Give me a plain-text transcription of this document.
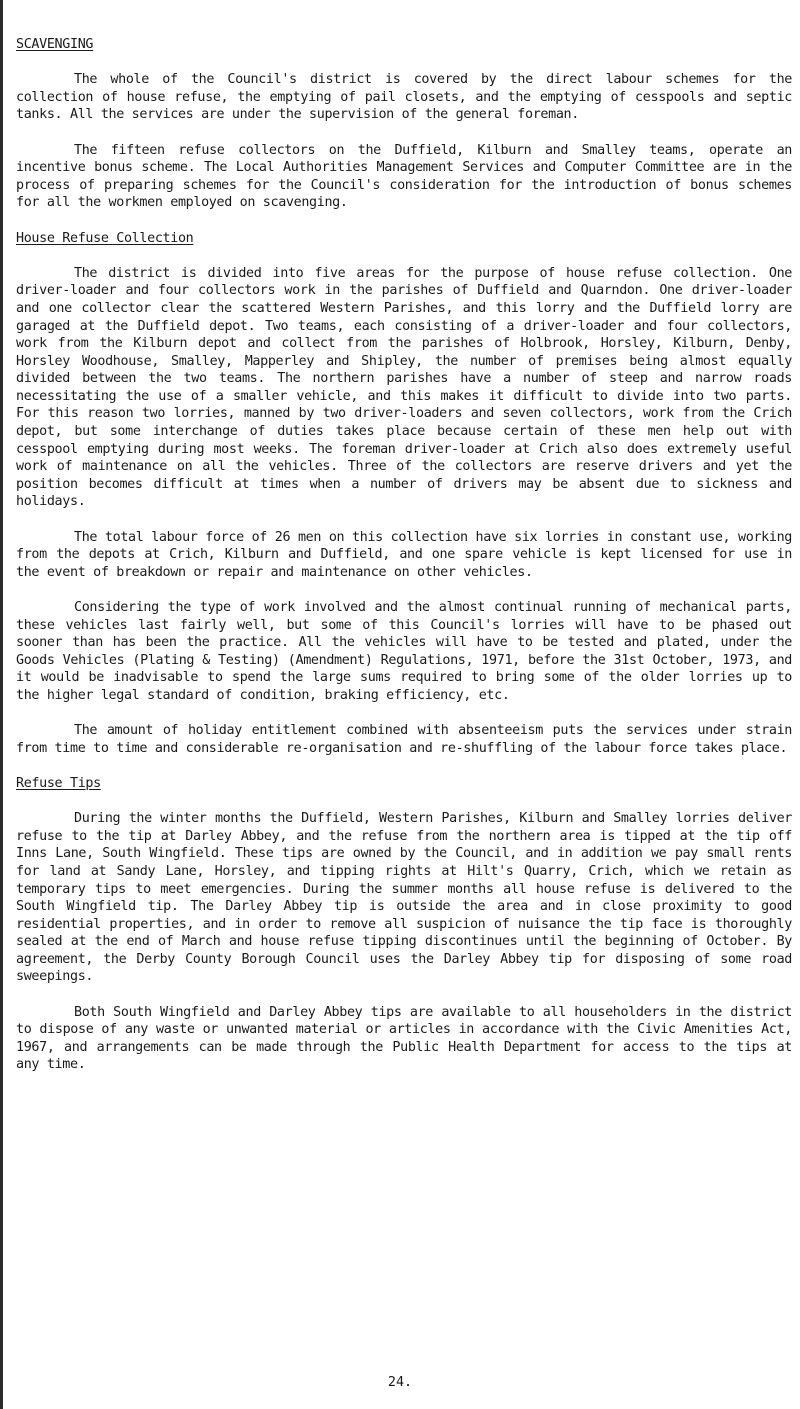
SCAVENGING

The whole of the Council's district is covered by the direct labour schemes for the collection of house refuse, the emptying of pail closets, and the emptying of cesspools and septic tanks. All the services are under the supervision of the general foreman.

The fifteen refuse collectors on the Duffield, Kilburn and Smalley teams, operate an incentive bonus scheme. The Local Authorities Management Services and Computer Committee are in the process of preparing schemes for the Council's consideration for the introduction of bonus schemes for all the workmen employed on scavenging.

House Refuse Collection

The district is divided into five areas for the purpose of house refuse collection. One driver-loader and four collectors work in the parishes of Duffield and Quarndon. One driver-loader and one collector clear the scattered Western Parishes, and this lorry and the Duffield lorry are garaged at the Duffield depot. Two teams, each consisting of a driver-loader and four collectors, work from the Kilburn depot and collect from the parishes of Holbrook, Horsley, Kilburn, Denby, Horsley Woodhouse, Smalley, Mapperley and Shipley, the number of premises being almost equally divided between the two teams. The northern parishes have a number of steep and narrow roads necessitating the use of a smaller vehicle, and this makes it difficult to divide into two parts. For this reason two lorries, manned by two driver-loaders and seven collectors, work from the Crich depot, but some interchange of duties takes place because certain of these men help out with cesspool emptying during most weeks. The foreman driver-loader at Crich also does extremely useful work of maintenance on all the vehicles. Three of the collectors are reserve drivers and yet the position becomes difficult at times when a number of drivers may be absent due to sickness and holidays.

The total labour force of 26 men on this collection have six lorries in constant use, working from the depots at Crich, Kilburn and Duffield, and one spare vehicle is kept licensed for use in the event of breakdown or repair and maintenance on other vehicles.

Considering the type of work involved and the almost continual running of mechanical parts, these vehicles last fairly well, but some of this Council's lorries will have to be phased out sooner than has been the practice. All the vehicles will have to be tested and plated, under the Goods Vehicles (Plating & Testing) (Amendment) Regulations, 1971, before the 31st October, 1973, and it would be inadvisable to spend the large sums required to bring some of the older lorries up to the higher legal standard of condition, braking efficiency, etc.

The amount of holiday entitlement combined with absenteeism puts the services under strain from time to time and considerable re-organisation and re-shuffling of the labour force takes place.

Refuse Tips

During the winter months the Duffield, Western Parishes, Kilburn and Smalley lorries deliver refuse to the tip at Darley Abbey, and the refuse from the northern area is tipped at the tip off Inns Lane, South Wingfield. These tips are owned by the Council, and in addition we pay small rents for land at Sandy Lane, Horsley, and tipping rights at Hilt's Quarry, Crich, which we retain as temporary tips to meet emergencies. During the summer months all house refuse is delivered to the South Wingfield tip. The Darley Abbey tip is outside the area and in close proximity to good residential properties, and in order to remove all suspicion of nuisance the tip face is thoroughly sealed at the end of March and house refuse tipping discontinues until the beginning of October. By agreement, the Derby County Borough Council uses the Darley Abbey tip for disposing of some road sweepings.

Both South Wingfield and Darley Abbey tips are available to all householders in the district to dispose of any waste or unwanted material or articles in accordance with the Civic Amenities Act, 1967, and arrangements can be made through the Public Health Department for access to the tips at any time.

24.
